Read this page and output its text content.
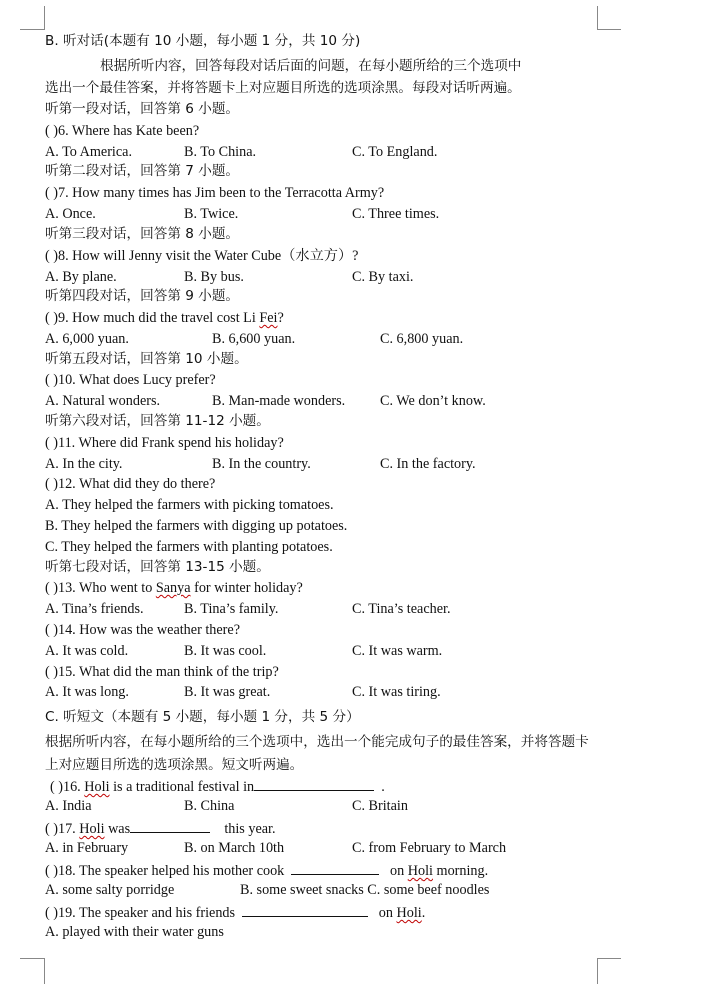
B. 听对话(本题有 10 小题，每小题 1 分，共 10 分)
根据所听内容，回答每段对话后面的问题，在每小题所给的三个选项中
选出一个最佳答案，并将答题卡上对应题目所选的选项涂黑。每段对话听两遍。
听第一段对话，回答第 6 小题。
( )6. Where has Kate been?
A. To America.	B. To China.	C. To England.
听第二段对话，回答第 7 小题。
( )7. How many times has Jim been to the Terracotta Army?
A. Once.	B. Twice.	C. Three times.
听第三段对话，回答第 8 小题。
( )8. How will Jenny visit the Water Cube（水立方）?
A. By plane.	B. By bus.	C. By taxi.
听第四段对话，回答第 9 小题。
( )9. How much did the travel cost Li Fei?
A. 6,000 yuan.	B. 6,600 yuan.	C. 6,800 yuan.
听第五段对话，回答第 10 小题。
( )10. What does Lucy prefer?
A. Natural wonders.	B. Man-made wonders. C. We don’t know.
听第六段对话，回答第 11-12 小题。
( )11. Where did Frank spend his holiday?
A. In the city.	B. In the country.	C. In the factory.
( )12. What did they do there?
A. They helped the farmers with picking tomatoes.
B. They helped the farmers with digging up potatoes.
C. They helped the farmers with planting potatoes.
听第七段对话，回答第 13-15 小题。
( )13. Who went to Sanya for winter holiday?
A. Tina’s friends.	B. Tina’s family.	C. Tina’s teacher.
( )14. How was the weather there?
A. It was cold.	B. It was cool.	C. It was warm.
( )15. What did the man think of the trip?
A. It was long.	B. It was great.	C. It was tiring.
C. 听短文（本题有 5 小题，每小题 1 分，共 5 分）
根据所听内容，在每小题所给的三个选项中，选出一个能完成句子的最佳答案，并将答题卡
上对应题目所选的选项涂黑。短文听两遍。
( )16. Holi is a traditional festival in	.
A. India	B. China	C. Britain
( )17. Holi was	this year.
A. in February	B. on March 10th	C. from February to March
( )18. The speaker helped his mother cook	on Holi morning.
A. some salty porridge	B. some sweet snacks C. some beef noodles
( )19. The speaker and his friends	on Holi.
A. played with their water guns
